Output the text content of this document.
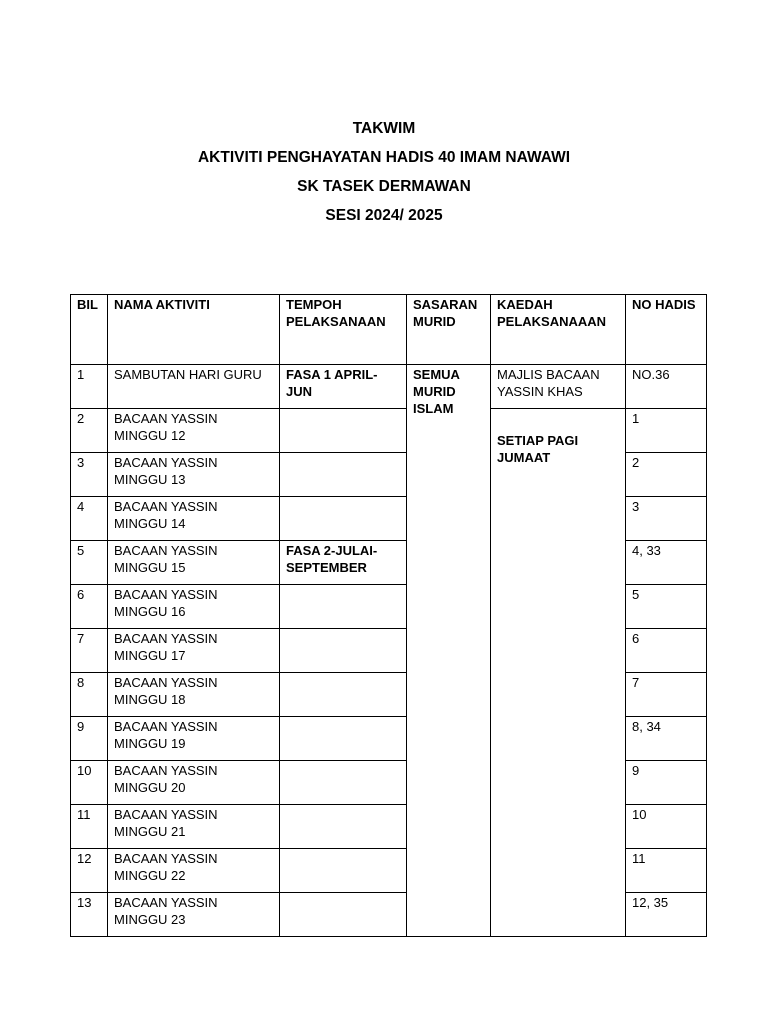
TAKWIM
AKTIVITI PENGHAYATAN HADIS 40 IMAM NAWAWI
SK TASEK DERMAWAN
SESI 2024/ 2025
BIL	NAMA AKTIVITI	TEMPOH PELAKSANAAN	SASARAN MURID	KAEDAH PELAKSANAAAN	NO HADIS
1	SAMBUTAN HARI GURU	FASA 1 APRIL-JUN	SEMUA MURID ISLAM	MAJLIS BACAAN YASSIN KHAS	NO.36
2	BACAAN YASSIN MINGGU 12			SETIAP PAGI JUMAAT	1
3	BACAAN YASSIN MINGGU 13				2
4	BACAAN YASSIN MINGGU 14				3
5	BACAAN YASSIN MINGGU 15	FASA 2-JULAI-SEPTEMBER			4, 33
6	BACAAN YASSIN MINGGU 16				5
7	BACAAN YASSIN MINGGU 17				6
8	BACAAN YASSIN MINGGU 18				7
9	BACAAN YASSIN MINGGU 19				8, 34
10	BACAAN YASSIN MINGGU 20				9
11	BACAAN YASSIN MINGGU 21				10
12	BACAAN YASSIN MINGGU 22				11
13	BACAAN YASSIN MINGGU 23				12, 35
